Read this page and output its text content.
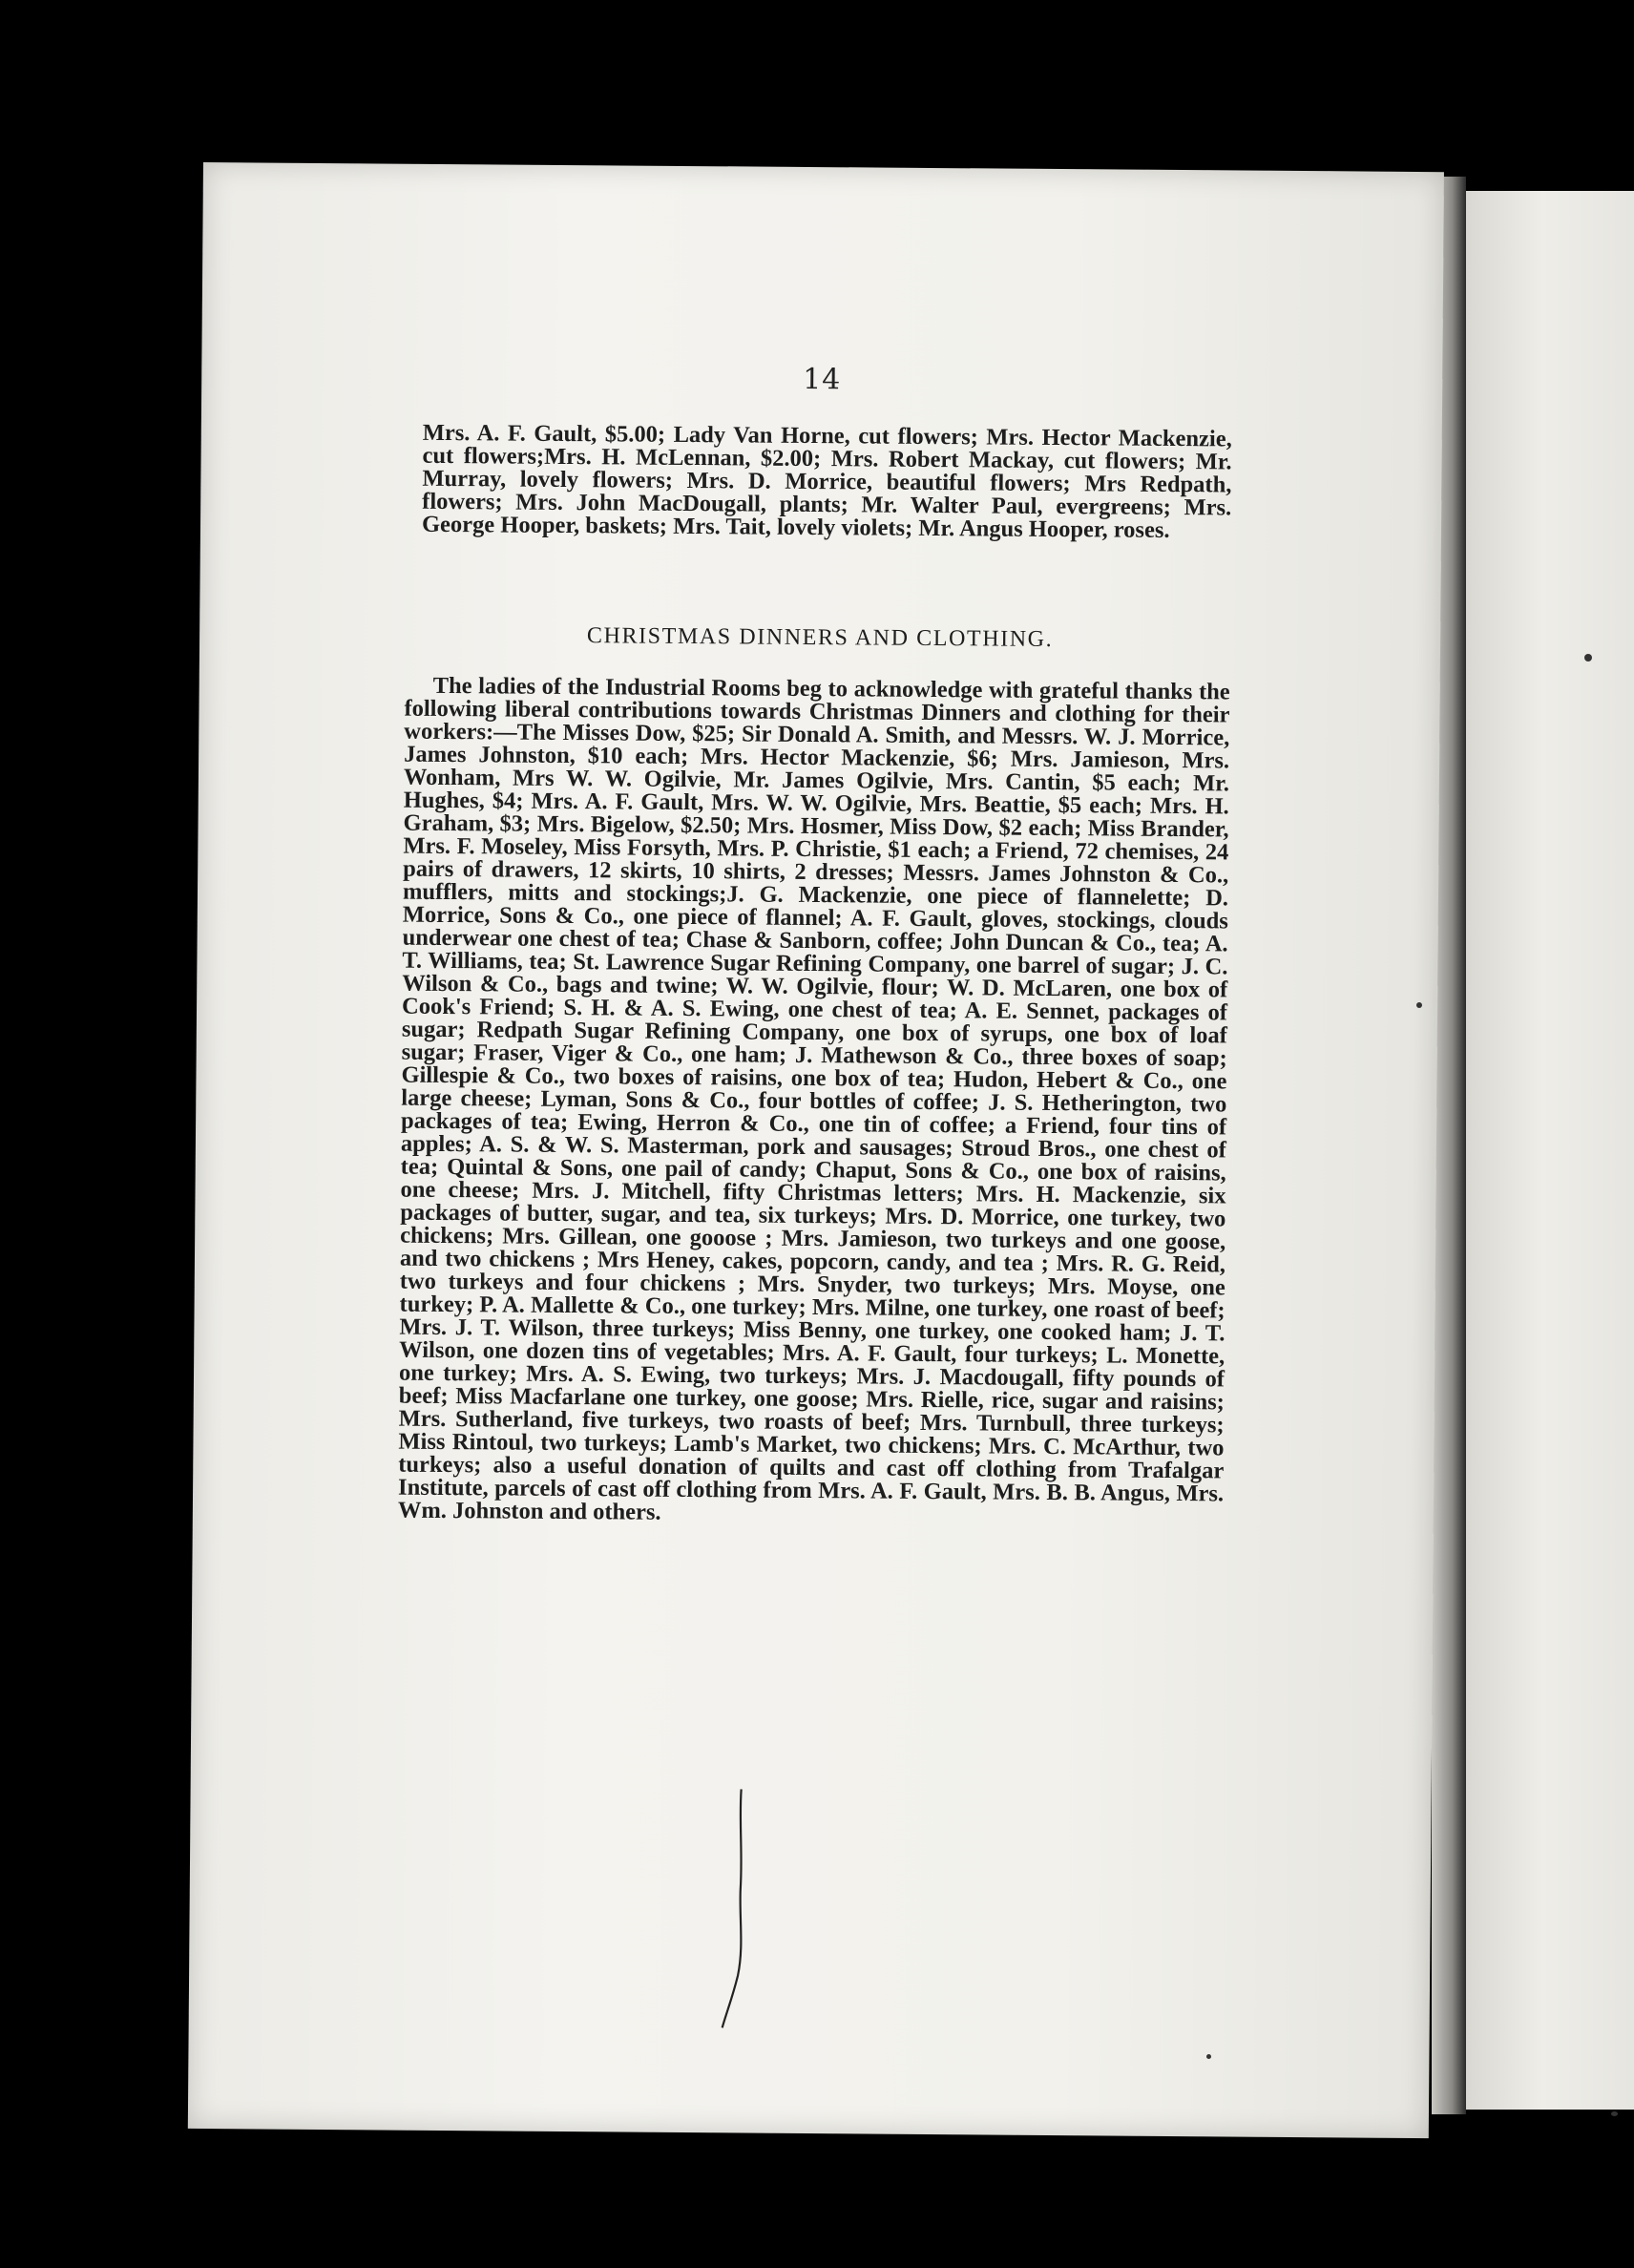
14

Mrs. A. F. Gault, $5.00; Lady Van Horne, cut flowers; Mrs. Hector Mackenzie, cut flowers;Mrs. H. McLennan, $2.00; Mrs. Robert Mackay, cut flowers; Mr. Murray, lovely flowers; Mrs. D. Morrice, beautiful flowers; Mrs Redpath, flowers; Mrs. John MacDougall, plants; Mr. Walter Paul, evergreens; Mrs. George Hooper, baskets; Mrs. Tait, lovely violets; Mr. Angus Hooper, roses.

CHRISTMAS DINNERS AND CLOTHING.

The ladies of the Industrial Rooms beg to acknowledge with grateful thanks the following liberal contributions towards Christmas Dinners and clothing for their workers:—The Misses Dow, $25; Sir Donald A. Smith, and Messrs. W. J. Morrice, James Johnston, $10 each; Mrs. Hector Mackenzie, $6; Mrs. Jamieson, Mrs. Wonham, Mrs W. W. Ogilvie, Mr. James Ogilvie, Mrs. Cantin, $5 each; Mr. Hughes, $4; Mrs. A. F. Gault, Mrs. W. W. Ogilvie, Mrs. Beattie, $5 each; Mrs. H. Graham, $3; Mrs. Bigelow, $2.50; Mrs. Hosmer, Miss Dow, $2 each; Miss Brander, Mrs. F. Moseley, Miss Forsyth, Mrs. P. Christie, $1 each; a Friend, 72 chemises, 24 pairs of drawers, 12 skirts, 10 shirts, 2 dresses; Messrs. James Johnston & Co., mufflers, mitts and stockings;J. G. Mackenzie, one piece of flannelette; D. Morrice, Sons & Co., one piece of flannel; A. F. Gault, gloves, stockings, clouds underwear one chest of tea; Chase & Sanborn, coffee; John Duncan & Co., tea; A. T. Williams, tea; St. Lawrence Sugar Refining Company, one barrel of sugar; J. C. Wilson & Co., bags and twine; W. W. Ogilvie, flour; W. D. McLaren, one box of Cook's Friend; S. H. & A. S. Ewing, one chest of tea; A. E. Sennet, packages of sugar; Redpath Sugar Refining Company, one box of syrups, one box of loaf sugar; Fraser, Viger & Co., one ham; J. Mathewson & Co., three boxes of soap; Gillespie & Co., two boxes of raisins, one box of tea; Hudon, Hebert & Co., one large cheese; Lyman, Sons & Co., four bottles of coffee; J. S. Hetherington, two packages of tea; Ewing, Herron & Co., one tin of coffee; a Friend, four tins of apples; A. S. & W. S. Masterman, pork and sausages; Stroud Bros., one chest of tea; Quintal & Sons, one pail of candy; Chaput, Sons & Co., one box of raisins, one cheese; Mrs. J. Mitchell, fifty Christmas letters; Mrs. H. Mackenzie, six packages of butter, sugar, and tea, six turkeys; Mrs. D. Morrice, one turkey, two chickens; Mrs. Gillean, one gooose ; Mrs. Jamieson, two turkeys and one goose, and two chickens ; Mrs Heney, cakes, popcorn, candy, and tea ; Mrs. R. G. Reid, two turkeys and four chickens ; Mrs. Snyder, two turkeys; Mrs. Moyse, one turkey; P. A. Mallette & Co., one turkey; Mrs. Milne, one turkey, one roast of beef; Mrs. J. T. Wilson, three turkeys; Miss Benny, one turkey, one cooked ham; J. T. Wilson, one dozen tins of vegetables; Mrs. A. F. Gault, four turkeys; L. Monette, one turkey; Mrs. A. S. Ewing, two turkeys; Mrs. J. Macdougall, fifty pounds of beef; Miss Macfarlane one turkey, one goose; Mrs. Rielle, rice, sugar and raisins; Mrs. Sutherland, five turkeys, two roasts of beef; Mrs. Turnbull, three turkeys; Miss Rintoul, two turkeys; Lamb's Market, two chickens; Mrs. C. McArthur, two turkeys; also a useful donation of quilts and cast off clothing from Trafalgar Institute, parcels of cast off clothing from Mrs. A. F. Gault, Mrs. B. B. Angus, Mrs. Wm. Johnston and others.
